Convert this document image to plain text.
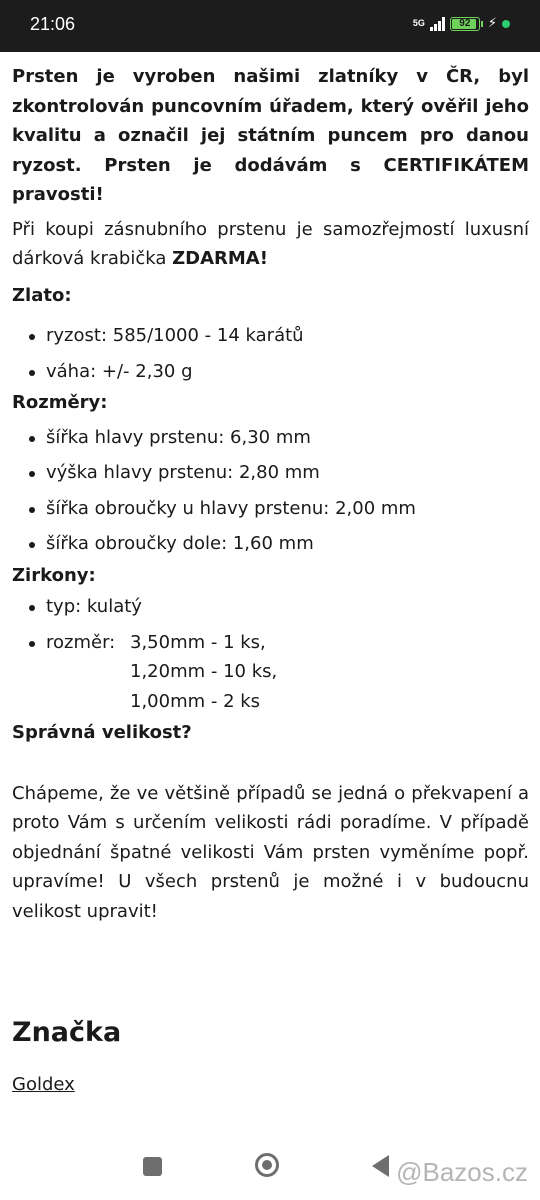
21:06	5G	92	⚡

Prsten je vyroben našimi zlatníky v ČR, byl zkontrolován puncovním úřadem, který ověřil jeho kvalitu a označil jej státním puncem pro danou ryzost. Prsten je dodávám s CERTIFIKÁTEM pravosti!

Při koupi zásnubního prstenu je samozřejmostí luxusní dárková krabička ZDARMA!

Zlato:

ryzost: 585/1000 - 14 karátů
váha: +/- 2,30 g

Rozměry:

šířka hlavy prstenu: 6,30 mm
výška hlavy prstenu: 2,80 mm
šířka obroučky u hlavy prstenu: 2,00 mm
šířka obroučky dole: 1,60 mm

Zirkony:

typ: kulatý
rozměr: 3,50mm - 1 ks,
1,20mm - 10 ks,
1,00mm - 2 ks

Správná velikost?

Chápeme, že ve většině případů se jedná o překvapení a proto Vám s určením velikosti rádi poradíme. V případě objednání špatné velikosti Vám prsten vyměníme popř. upravíme! U všech prstenů je možné i v budoucnu velikost upravit!

Značka
Goldex
@Bazos.cz
